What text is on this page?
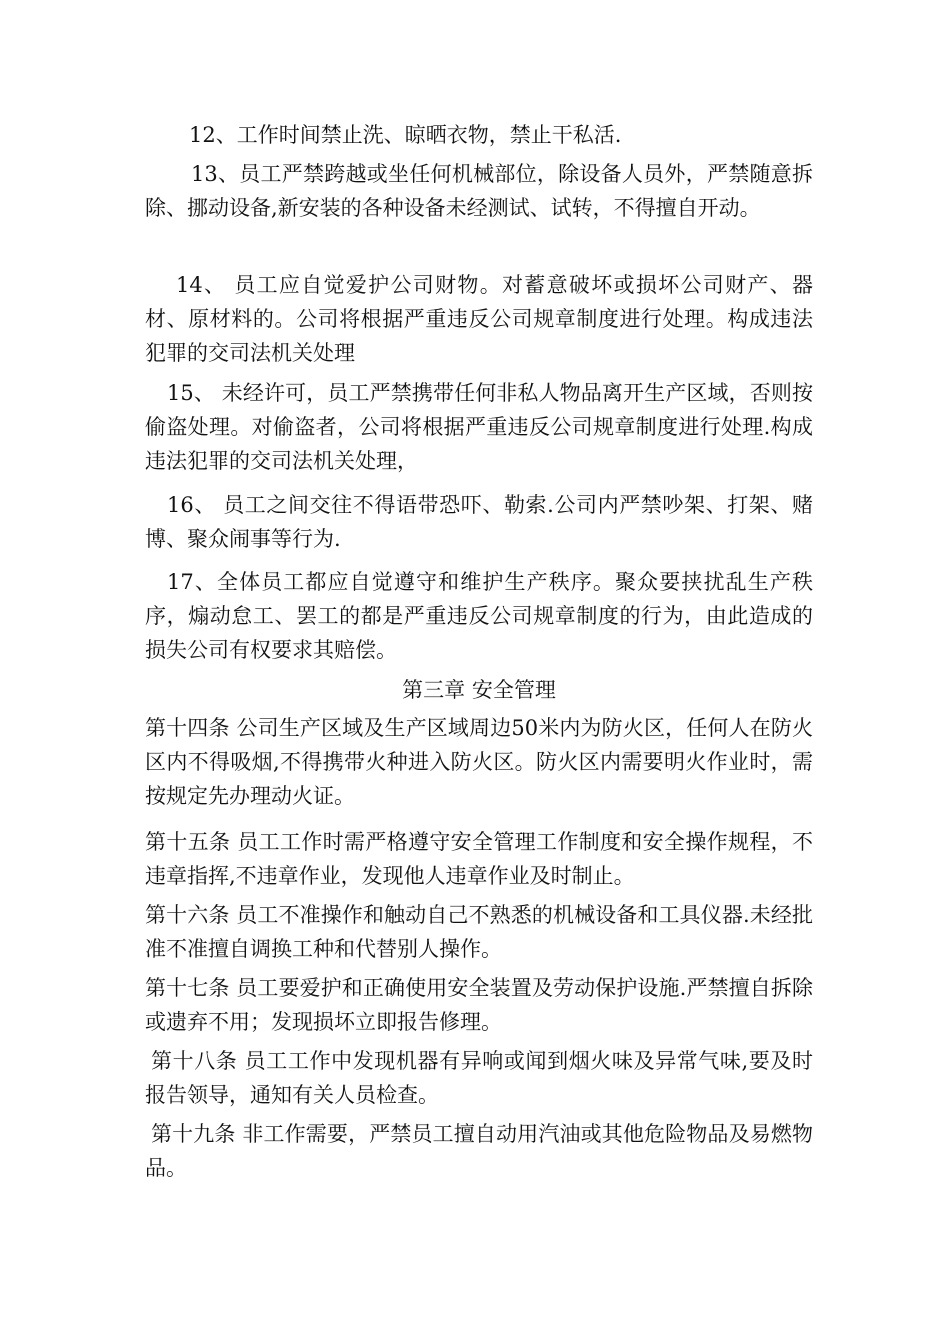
12、工作时间禁止洗、晾晒衣物，禁止干私活.
13、员工严禁跨越或坐任何机械部位，除设备人员外，严禁随意拆除、挪动设备,新安装的各种设备未经测试、试转，不得擅自开动。
14、 员工应自觉爱护公司财物。对蓄意破坏或损坏公司财产、器材、原材料的。公司将根据严重违反公司规章制度进行处理。构成违法犯罪的交司法机关处理
15、 未经许可，员工严禁携带任何非私人物品离开生产区域，否则按偷盗处理。对偷盗者，公司将根据严重违反公司规章制度进行处理.构成违法犯罪的交司法机关处理，
16、 员工之间交往不得语带恐吓、勒索.公司内严禁吵架、打架、赌博、聚众闹事等行为.
17、全体员工都应自觉遵守和维护生产秩序。聚众要挟扰乱生产秩序，煽动怠工、罢工的都是严重违反公司规章制度的行为，由此造成的损失公司有权要求其赔偿。
第三章 安全管理
第十四条 公司生产区域及生产区域周边50米内为防火区，任何人在防火区内不得吸烟,不得携带火种进入防火区。防火区内需要明火作业时，需按规定先办理动火证。
第十五条 员工工作时需严格遵守安全管理工作制度和安全操作规程，不违章指挥,不违章作业，发现他人违章作业及时制止。
第十六条 员工不准操作和触动自己不熟悉的机械设备和工具仪器.未经批准不准擅自调换工种和代替别人操作。
第十七条 员工要爱护和正确使用安全装置及劳动保护设施.严禁擅自拆除或遗弃不用；发现损坏立即报告修理。
第十八条 员工工作中发现机器有异响或闻到烟火味及异常气味,要及时报告领导，通知有关人员检查。
第十九条 非工作需要，严禁员工擅自动用汽油或其他危险物品及易燃物品。
